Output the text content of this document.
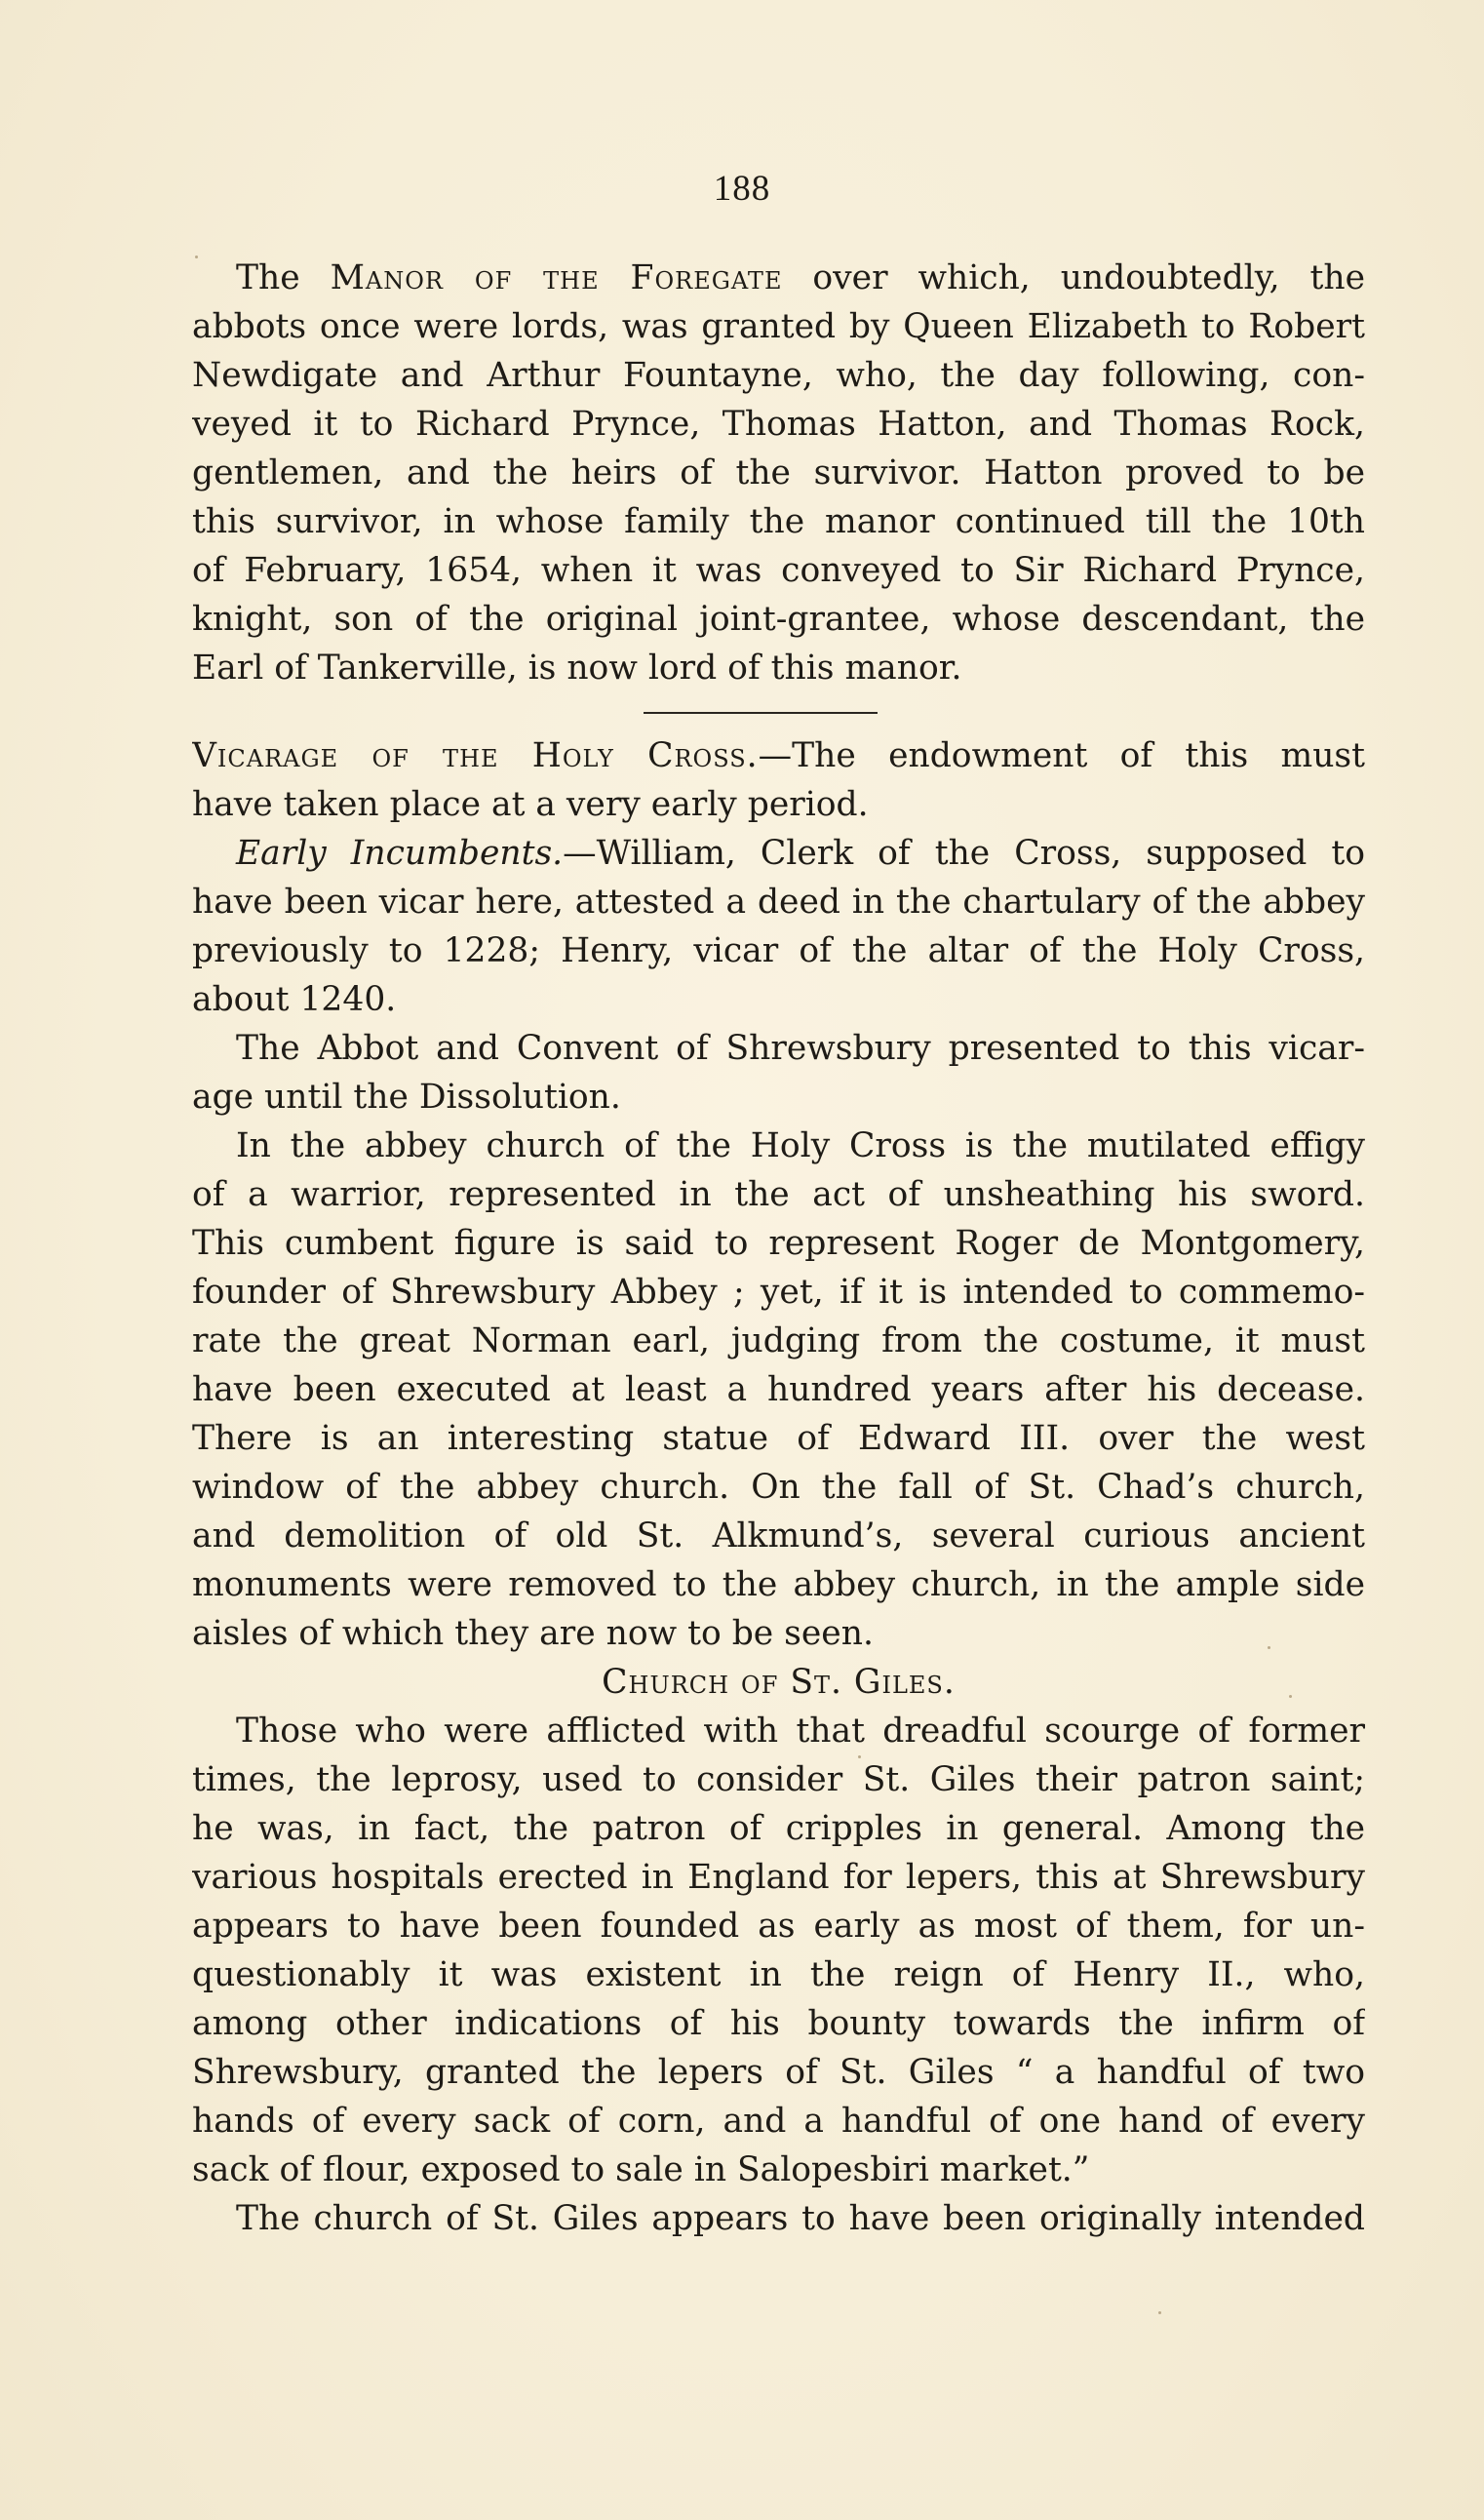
188
The Manor of the Foregate over which, undoubtedly, the
abbots once were lords, was granted by Queen Elizabeth to Robert
Newdigate and Arthur Fountayne, who, the day following, con-
veyed it to Richard Prynce, Thomas Hatton, and Thomas Rock,
gentlemen, and the heirs of the survivor. Hatton proved to be
this survivor, in whose family the manor continued till the 10th
of February, 1654, when it was conveyed to Sir Richard Prynce,
knight, son of the original joint-grantee, whose descendant, the
Earl of Tankerville, is now lord of this manor.
Vicarage of the Holy Cross.—The endowment of this must
have taken place at a very early period.
Early Incumbents.—William, Clerk of the Cross, supposed to
have been vicar here, attested a deed in the chartulary of the abbey
previously to 1228; Henry, vicar of the altar of the Holy Cross,
about 1240.
The Abbot and Convent of Shrewsbury presented to this vicar-
age until the Dissolution.
In the abbey church of the Holy Cross is the mutilated effigy
of a warrior, represented in the act of unsheathing his sword.
This cumbent figure is said to represent Roger de Montgomery,
founder of Shrewsbury Abbey ; yet, if it is intended to commemo-
rate the great Norman earl, judging from the costume, it must
have been executed at least a hundred years after his decease.
There is an interesting statue of Edward III. over the west
window of the abbey church. On the fall of St. Chad’s church,
and demolition of old St. Alkmund’s, several curious ancient
monuments were removed to the abbey church, in the ample side
aisles of which they are now to be seen.
Church of St. Giles.
Those who were afflicted with that dreadful scourge of former
times, the leprosy, used to consider St. Giles their patron saint;
he was, in fact, the patron of cripples in general. Among the
various hospitals erected in England for lepers, this at Shrewsbury
appears to have been founded as early as most of them, for un-
questionably it was existent in the reign of Henry II., who,
among other indications of his bounty towards the infirm of
Shrewsbury, granted the lepers of St. Giles “ a handful of two
hands of every sack of corn, and a handful of one hand of every
sack of flour, exposed to sale in Salopesbiri market.”
The church of St. Giles appears to have been originally intended
